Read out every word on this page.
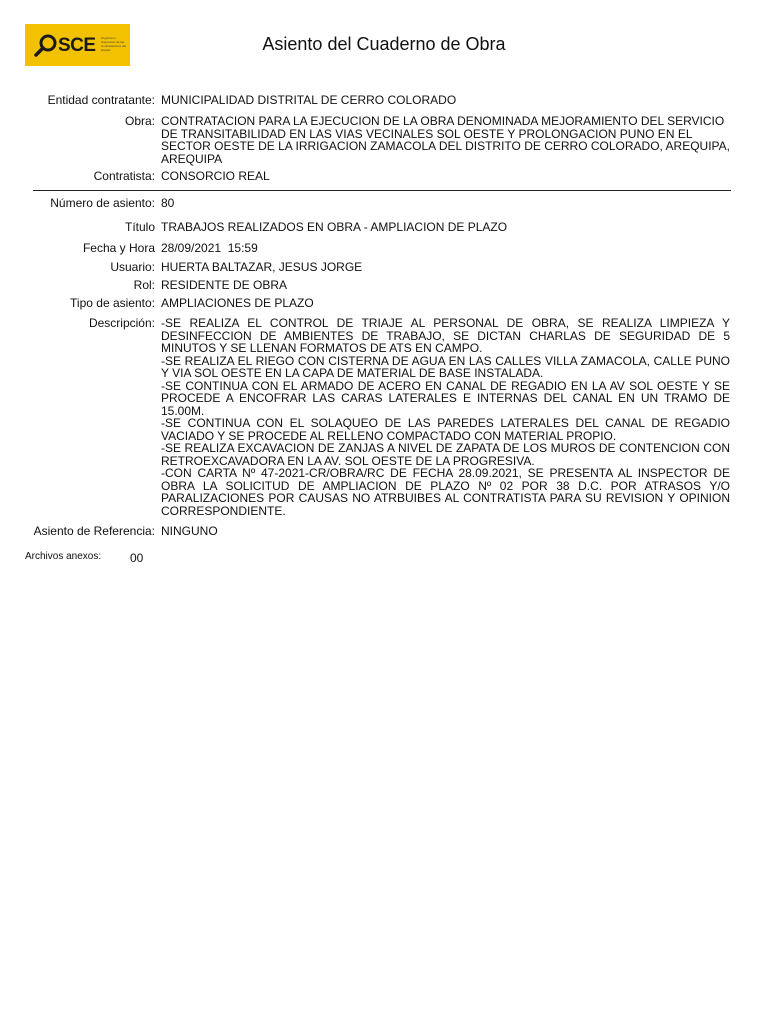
SCE Organismo Supervisor de las Contrataciones del Estado	Asiento del Cuaderno de Obra
Entidad contratante: MUNICIPALIDAD DISTRITAL DE CERRO COLORADO
Obra: CONTRATACION PARA LA EJECUCION DE LA OBRA DENOMINADA MEJORAMIENTO DEL SERVICIO DE TRANSITABILIDAD EN LAS VIAS VECINALES SOL OESTE Y PROLONGACION PUNO EN EL SECTOR OESTE DE LA IRRIGACION ZAMACOLA DEL DISTRITO DE CERRO COLORADO, AREQUIPA, AREQUIPA
Contratista: CONSORCIO REAL
Número de asiento: 80
Título TRABAJOS REALIZADOS EN OBRA - AMPLIACION DE PLAZO
Fecha y Hora 28/09/2021  15:59
Usuario: HUERTA BALTAZAR, JESUS JORGE
Rol: RESIDENTE DE OBRA
Tipo de asiento: AMPLIACIONES DE PLAZO
Descripción: -SE REALIZA EL CONTROL DE TRIAJE AL PERSONAL DE OBRA, SE REALIZA LIMPIEZA Y DESINFECCION DE AMBIENTES DE TRABAJO, SE DICTAN CHARLAS DE SEGURIDAD DE 5 MINUTOS Y SE LLENAN FORMATOS DE ATS EN CAMPO.
-SE REALIZA EL RIEGO CON CISTERNA DE AGUA EN LAS CALLES VILLA ZAMACOLA, CALLE PUNO Y VIA SOL OESTE EN LA CAPA DE MATERIAL DE BASE INSTALADA.
-SE CONTINUA CON EL ARMADO DE ACERO EN CANAL DE REGADIO EN LA AV SOL OESTE Y SE PROCEDE A ENCOFRAR LAS CARAS LATERALES E INTERNAS DEL CANAL EN UN TRAMO DE 15.00M.
-SE CONTINUA CON EL SOLAQUEO DE LAS PAREDES LATERALES DEL CANAL DE REGADIO VACIADO Y SE PROCEDE AL RELLENO COMPACTADO CON MATERIAL PROPIO.
-SE REALIZA EXCAVACION DE ZANJAS A NIVEL DE ZAPATA DE LOS MUROS DE CONTENCION CON RETROEXCAVADORA EN LA AV. SOL OESTE DE LA PROGRESIVA.
-CON CARTA Nº 47-2021-CR/OBRA/RC DE FECHA 28.09.2021, SE PRESENTA AL INSPECTOR DE OBRA LA SOLICITUD DE AMPLIACION DE PLAZO Nº 02 POR 38 D.C. POR ATRASOS Y/O PARALIZACIONES POR CAUSAS NO ATRBUIBES AL CONTRATISTA PARA SU REVISION Y OPINION CORRESPONDIENTE.
Asiento de Referencia: NINGUNO
Archivos anexos: 00
